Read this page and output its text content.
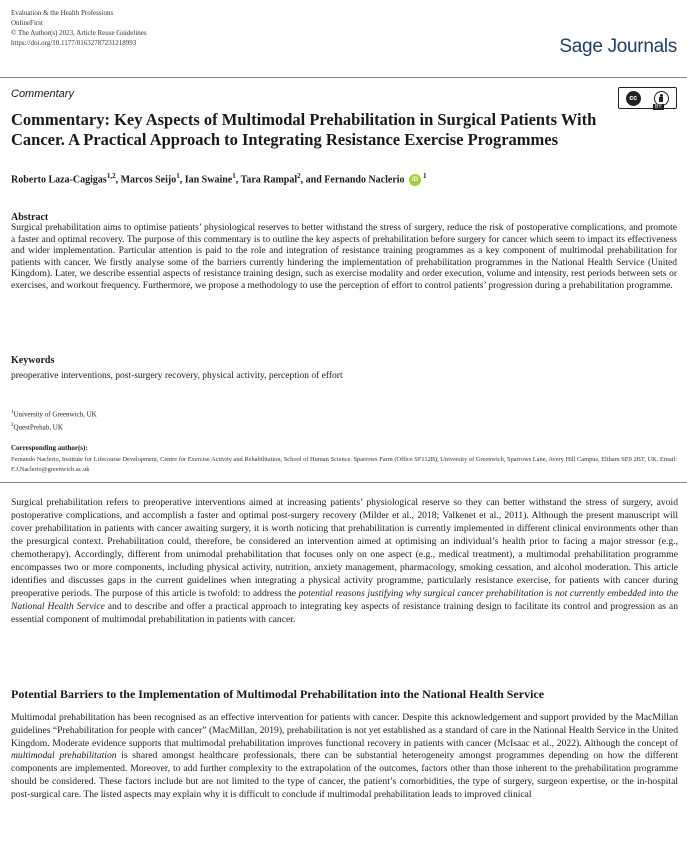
Evaluation & the Health Professions
OnlineFirst
© The Author(s) 2023, Article Reuse Guidelines
https://doi.org/10.1177/01632787231218993	Sage Journals
Commentary	cc
BY
Commentary: Key Aspects of Multimodal Prehabilitation in Surgical Patients With Cancer. A Practical Approach to Integrating Resistance Exercise Programmes
Roberto Laza-Cagigas$^{1,2}$, Marcos Seijo$^1$, Ian Swaine$^1$, Tara Rampal$^2$, and Fernando Naclerio $iD^1$
Abstract
Surgical prehabilitation aims to optimise patients’ physiological reserves to better withstand the stress of surgery, reduce the risk of postoperative complications, and promote a faster and optimal recovery. The purpose of this commentary is to outline the key aspects of prehabilitation before surgery for cancer which seem to impact its effectiveness and wider implementation. Particular attention is paid to the role and integration of resistance training programmes as a key component of multimodal prehabilitation for patients with cancer. We firstly analyse some of the barriers currently hindering the implementation of prehabilitation programmes in the National Health Service (United Kingdom). Later, we describe essential aspects of resistance training design, such as exercise modality and order execution, volume and intensity, rest periods between sets or exercises, and workout frequency. Furthermore, we propose a methodology to use the perception of effort to control patients’ progression during a prehabilitation programme.
Keywords
preoperative interventions, post-surgery recovery, physical activity, perception of effort
$^1$University of Greenwich, UK
$^2$QuestPrehab, UK
Corresponding author(s):
Fernando Naclerio, Institute for Lifecourse Development, Centre for Exercise Activity and Rehabilitation, School of Human Science. Sparrows Farm (Office SF112B), University of Greenwich, Sparrows Lane, Avery Hill Campus, Eltham SE9 2BT, UK. Email: F.J.Naclerio@greenwich.ac.uk
Surgical prehabilitation refers to preoperative interventions aimed at increasing patients’ physiological reserve so they can better withstand the stress of surgery, avoid postoperative complications, and accomplish a faster and optimal post-surgery recovery (Milder et al., 2018; Valkenet et al., 2011). Although the present manuscript will cover prehabilitation in patients with cancer awaiting surgery, it is worth noticing that prehabilitation is currently implemented in different clinical environments other than the presurgical context. Prehabilitation could, therefore, be considered an intervention aimed at optimising an individual’s health prior to facing a major stressor (e.g., chemotherapy). Accordingly, different from unimodal prehabilitation that focuses only on one aspect (e.g., medical treatment), a multimodal prehabilitation programme encompasses two or more components, including physical activity, nutrition, anxiety management, pharmacology, smoking cessation, and alcohol moderation. This article identifies and discusses gaps in the current guidelines when integrating a physical activity programme, particularly resistance exercise, for patients with cancer during preoperative periods. The purpose of this article is twofold: to address the potential reasons justifying why surgical cancer prehabilitation is not currently embedded into the National Health Service and to describe and offer a practical approach to integrating key aspects of resistance training design to facilitate its control and progression as an essential component of multimodal prehabilitation in patients with cancer.
Potential Barriers to the Implementation of Multimodal Prehabilitation into the National Health Service
Multimodal prehabilitation has been recognised as an effective intervention for patients with cancer. Despite this acknowledgement and support provided by the MacMillan guidelines “Prehabilitation for people with cancer” (MacMillan, 2019), prehabilitation is not yet established as a standard of care in the National Health Service in the United Kingdom. Moderate evidence supports that multimodal prehabilitation improves functional recovery in patients with cancer (McIsaac et al., 2022). Although the concept of multimodal prehabilitation is shared amongst healthcare professionals, there can be substantial heterogeneity amongst programmes depending on how the different components are implemented. Moreover, to add further complexity to the extrapolation of the outcomes, factors other than those inherent to the prehabilitation programme should be considered. These factors include but are not limited to the type of cancer, the patient’s comorbidities, the type of surgery, surgeon expertise, or the in-hospital post-surgical care. The listed aspects may explain why it is difficult to conclude if multimodal prehabilitation leads to improved clinical
